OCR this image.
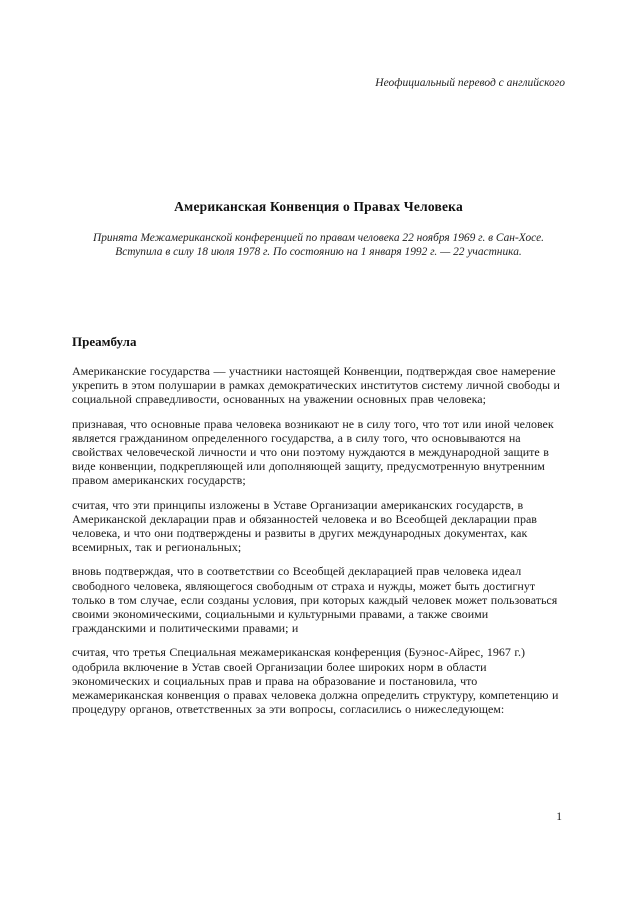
Неофициальный перевод с английского
Американская Конвенция о Правах Человека
Принята Межамериканской конференцией по правам человека 22 ноября 1969 г. в Сан-Хосе.
Вступила в силу 18 июля 1978 г. По состоянию на 1 января 1992 г. — 22 участника.
Преамбула

Американские государства — участники настоящей Конвенции, подтверждая свое намерение укрепить в этом полушарии в рамках демократических институтов систему личной свободы и социальной справедливости, основанных на уважении основных прав человека;

признавая, что основные права человека возникают не в силу того, что тот или иной человек является гражданином определенного государства, а в силу того, что основываются на свойствах человеческой личности и что они поэтому нуждаются в международной защите в виде конвенции, подкрепляющей или дополняющей защиту, предусмотренную внутренним правом американских государств;

считая, что эти принципы изложены в Уставе Организации американских государств, в Американской декларации прав и обязанностей человека и во Всеобщей декларации прав человека, и что они подтверждены и развиты в других международных документах, как всемирных, так и региональных;

вновь подтверждая, что в соответствии со Всеобщей декларацией прав человека идеал свободного человека, являющегося свободным от страха и нужды, может быть достигнут только в том случае, если созданы условия, при которых каждый человек может пользоваться своими экономическими, социальными и культурными правами, а также своими гражданскими и политическими правами; и

считая, что третья Специальная межамериканская конференция (Буэнос-Айрес, 1967 г.) одобрила включение в Устав своей Организации более широких норм в области экономических и социальных прав и права на образование и постановила, что межамериканская конвенция о правах человека должна определить структуру, компетенцию и процедуру органов, ответственных за эти вопросы, согласились о нижеследующем:

1
